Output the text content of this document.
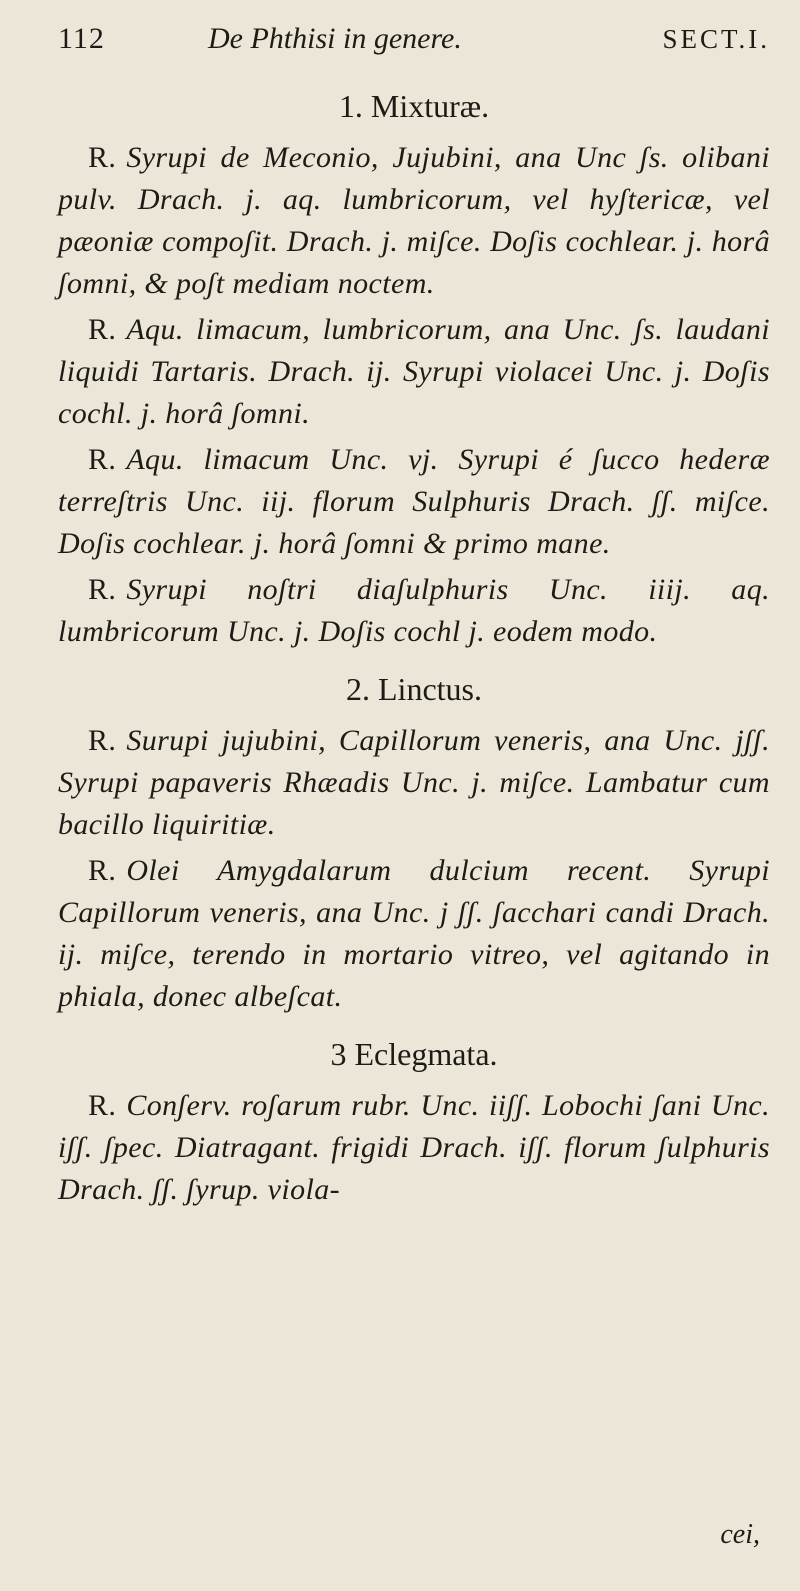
112	De Phthisi in genere.	SECT.I.
1. Mixturæ.

R. Syrupi de Meconio, Jujubini, ana Unc ʃs. olibani pulv. Drach. j. aq. lumbricorum, vel hyʃtericæ, vel pæoniæ compoʃit. Drach. j. miʃce. Doʃis cochlear. j. horâ ʃomni, & poʃt mediam noctem.

R. Aqu. limacum, lumbricorum, ana Unc. ʃs. laudani liquidi Tartaris. Drach. ij. Syrupi violacei Unc. j. Doʃis cochl. j. horâ ʃomni.

R. Aqu. limacum Unc. vj. Syrupi é ʃucco hederæ terreʃtris Unc. iij. florum Sulphuris Drach. ʃʃ. miʃce. Doʃis cochlear. j. horâ ʃomni & primo mane.

R. Syrupi noʃtri diaʃulphuris Unc. iiij. aq. lumbricorum Unc. j. Doʃis cochl j. eodem modo.

2. Linctus.

R. Surupi jujubini, Capillorum veneris, ana Unc. jʃʃ. Syrupi papaveris Rhæadis Unc. j. miʃce. Lambatur cum bacillo liquiritiæ.

R. Olei Amygdalarum dulcium recent. Syrupi Capillorum veneris, ana Unc. j ʃʃ. ʃacchari candi Drach. ij. miʃce, terendo in mortario vitreo, vel agitando in phiala, donec albeʃcat.

3 Eclegmata.

R. Conʃerv. roʃarum rubr. Unc. iiʃʃ. Lobochi ʃani Unc. iʃʃ. ʃpec. Diatragant. frigidi Drach. iʃʃ. florum ʃulphuris Drach. ʃʃ. ʃyrup. viola-

cei,
